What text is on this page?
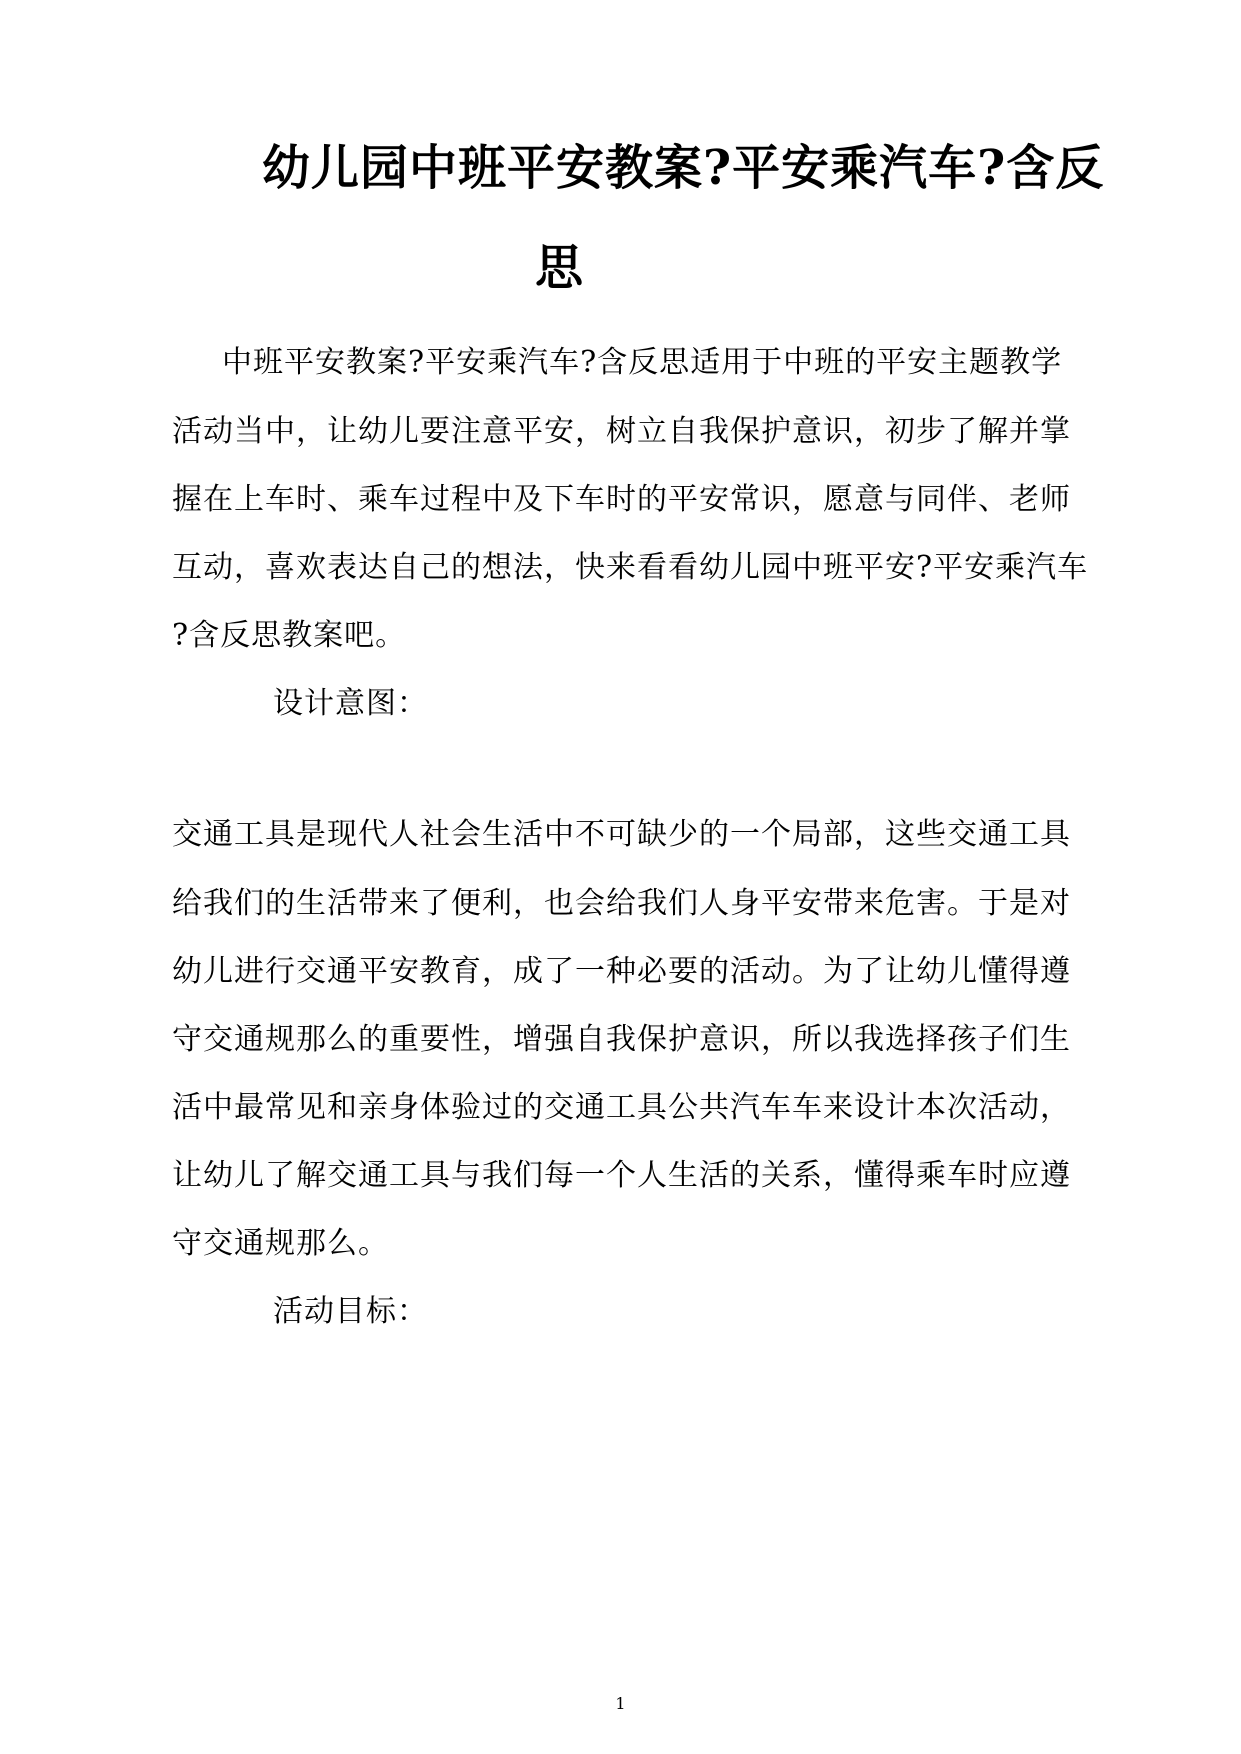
幼儿园中班平安教案?平安乘汽车?含反
思
中班平安教案?平安乘汽车?含反思适用于中班的平安主题教学
活动当中，让幼儿要注意平安，树立自我保护意识，初步了解并掌
握在上车时、乘车过程中及下车时的平安常识，愿意与同伴、老师
互动，喜欢表达自己的想法，快来看看幼儿园中班平安?平安乘汽车
?含反思教案吧。
设计意图：
交通工具是现代人社会生活中不可缺少的一个局部，这些交通工具
给我们的生活带来了便利，也会给我们人身平安带来危害。于是对
幼儿进行交通平安教育，成了一种必要的活动。为了让幼儿懂得遵
守交通规那么的重要性，增强自我保护意识，所以我选择孩子们生
活中最常见和亲身体验过的交通工具公共汽车车来设计本次活动，
让幼儿了解交通工具与我们每一个人生活的关系，懂得乘车时应遵
守交通规那么。
活动目标：
1
